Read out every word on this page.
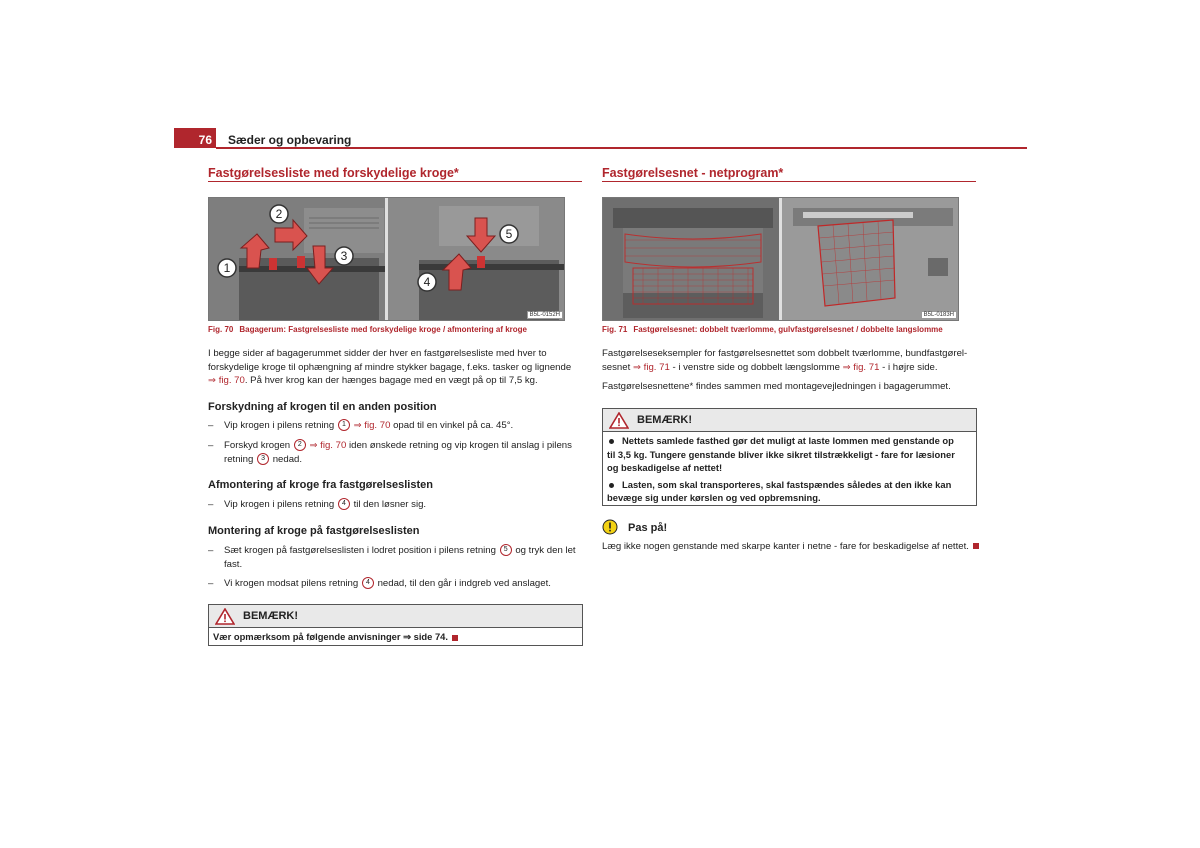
76	Sæder og opbevaring
Fastgørelsesliste med forskydelige kroge*
1
2
3
4
5
B5L-0152H
Fig. 70 Bagagerum: Fastgrelsesliste med forskydelige kroge / afmontering af kroge
I begge sider af bagagerummet sidder der hver en fastgørelsesliste med hver to
forskydelige kroge til ophængning af mindre stykker bagage, f.eks. tasker og lignende
⇒ fig. 70. På hver krog kan der hænges bagage med en vægt på op til 7,5 kg.
Forskydning af krogen til en anden position
– Vip krogen i pilens retning 1 ⇒ fig. 70 opad til en vinkel på ca. 45°.
– Forskyd krogen 2 ⇒ fig. 70 iden ønskede retning og vip krogen til anslag i pilens
retning 3 nedad.
Afmontering af kroge fra fastgørelseslisten
– Vip krogen i pilens retning 4 til den løsner sig.
Montering af kroge på fastgørelseslisten
– Sæt krogen på fastgørelseslisten i lodret position i pilens retning 5 og tryk den let
fast.
– Vi krogen modsat pilens retning 4 nedad, til den går i indgreb ved anslaget.
BEMÆRK!
Vær opmærksom på følgende anvisninger ⇒ side 74.
Fastgørelsesnet - netprogram*
B5L-0183H
Fig. 71 Fastgørelsesnet: dobbelt tværlomme, gulvfastgørelsesnet / dobbelte langslomme
Fastgørelseseksempler for fastgørelsesnettet som dobbelt tværlomme, bundfastgørel-
sesnet ⇒ fig. 71 - i venstre side og dobbelt længslomme ⇒ fig. 71 - i højre side.
Fastgørelsesnettene* findes sammen med montagevejledningen i bagagerummet.
BEMÆRK!
Nettets samlede fasthed gør det muligt at laste lommen med genstande op
til 3,5 kg. Tungere genstande bliver ikke sikret tilstrækkeligt - fare for læsioner
og beskadigelse af nettet!
Lasten, som skal transporteres, skal fastspændes således at den ikke kan
bevæge sig under kørslen og ved opbremsning.
Pas på!
Læg ikke nogen genstande med skarpe kanter i netne - fare for beskadigelse af nettet.
